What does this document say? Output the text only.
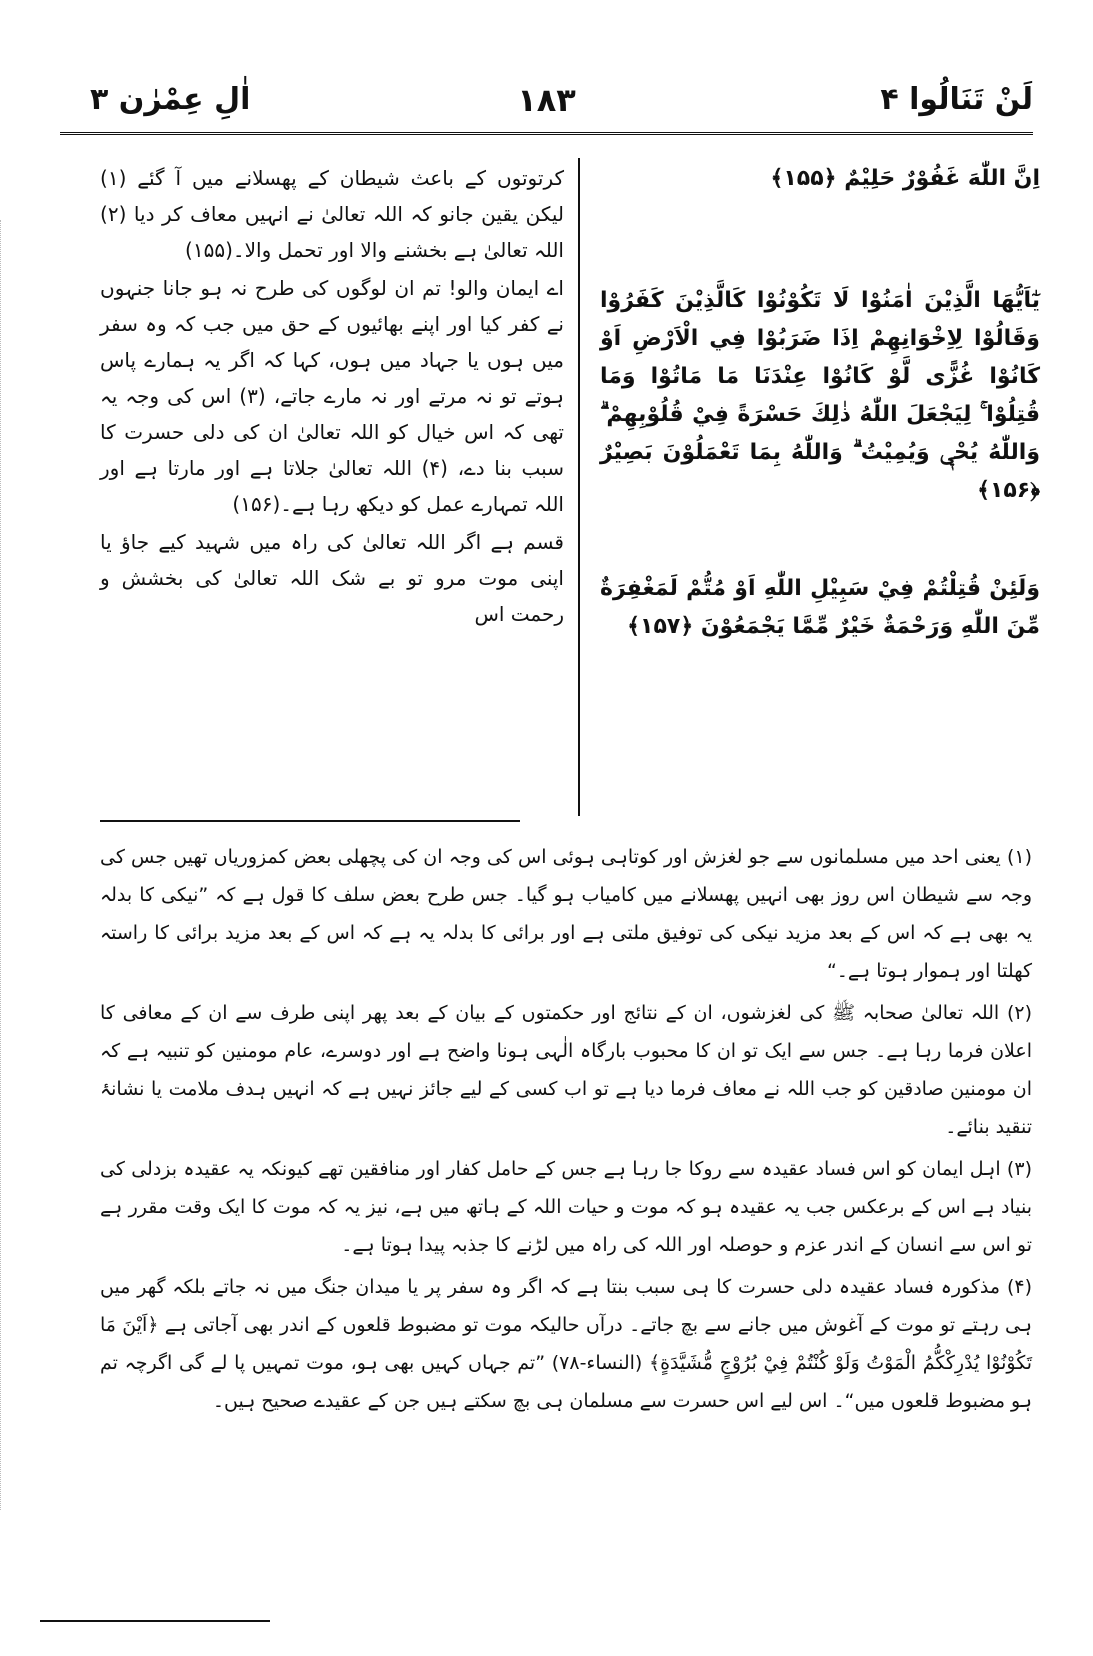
لَنْ تَنَالُوا ۴
۱۸۳
اٰلِ عِمْرٰن ۳

اِنَّ اللّٰهَ غَفُوْرٌ حَلِيْمٌ ﴿۱۵۵﴾

يٰٓاَيُّهَا الَّذِيْنَ اٰمَنُوْا لَا تَكُوْنُوْا كَالَّذِيْنَ كَفَرُوْا وَقَالُوْا لِاِخْوَانِهِمْ اِذَا ضَرَبُوْا فِي الْاَرْضِ اَوْ كَانُوْا غُزًّى لَّوْ كَانُوْا عِنْدَنَا مَا مَاتُوْا وَمَا قُتِلُوْا ۚ لِيَجْعَلَ اللّٰهُ ذٰلِكَ حَسْرَةً فِيْ قُلُوْبِهِمْ ۗ وَاللّٰهُ يُحْيٖ وَيُمِيْتُ ۗ وَاللّٰهُ بِمَا تَعْمَلُوْنَ بَصِيْرٌ ﴿۱۵۶﴾

وَلَئِنْ قُتِلْتُمْ فِيْ سَبِيْلِ اللّٰهِ اَوْ مُتُّمْ لَمَغْفِرَةٌ مِّنَ اللّٰهِ وَرَحْمَةٌ خَيْرٌ مِّمَّا يَجْمَعُوْنَ ﴿۱۵۷﴾

کرتوتوں کے باعث شیطان کے پھسلانے میں آ گئے (۱) لیکن یقین جانو کہ اللہ تعالیٰ نے انہیں معاف کر دیا (۲) اللہ تعالیٰ ہے بخشنے والا اور تحمل والا۔(۱۵۵)

اے ایمان والو! تم ان لوگوں کی طرح نہ ہو جانا جنہوں نے کفر کیا اور اپنے بھائیوں کے حق میں جب کہ وہ سفر میں ہوں یا جہاد میں ہوں، کہا کہ اگر یہ ہمارے پاس ہوتے تو نہ مرتے اور نہ مارے جاتے، (۳) اس کی وجہ یہ تھی کہ اس خیال کو اللہ تعالیٰ ان کی دلی حسرت کا سبب بنا دے، (۴) اللہ تعالیٰ جلاتا ہے اور مارتا ہے اور اللہ تمہارے عمل کو دیکھ رہا ہے۔(۱۵۶)

قسم ہے اگر اللہ تعالیٰ کی راہ میں شہید کیے جاؤ یا اپنی موت مرو تو بے شک اللہ تعالیٰ کی بخشش و رحمت اس

(۱) یعنی احد میں مسلمانوں سے جو لغزش اور کوتاہی ہوئی اس کی وجہ ان کی پچھلی بعض کمزوریاں تھیں جس کی وجہ سے شیطان اس روز بھی انہیں پھسلانے میں کامیاب ہو گیا۔ جس طرح بعض سلف کا قول ہے کہ ”نیکی کا بدلہ یہ بھی ہے کہ اس کے بعد مزید نیکی کی توفیق ملتی ہے اور برائی کا بدلہ یہ ہے کہ اس کے بعد مزید برائی کا راستہ کھلتا اور ہموار ہوتا ہے۔“

(۲) اللہ تعالیٰ صحابہ ﷺ کی لغزشوں، ان کے نتائج اور حکمتوں کے بیان کے بعد پھر اپنی طرف سے ان کے معافی کا اعلان فرما رہا ہے۔ جس سے ایک تو ان کا محبوب بارگاہ الٰہی ہونا واضح ہے اور دوسرے، عام مومنین کو تنبیہ ہے کہ ان مومنین صادقین کو جب اللہ نے معاف فرما دیا ہے تو اب کسی کے لیے جائز نہیں ہے کہ انہیں ہدف ملامت یا نشانۂ تنقید بنائے۔

(۳) اہل ایمان کو اس فساد عقیدہ سے روکا جا رہا ہے جس کے حامل کفار اور منافقین تھے کیونکہ یہ عقیدہ بزدلی کی بنیاد ہے اس کے برعکس جب یہ عقیدہ ہو کہ موت و حیات اللہ کے ہاتھ میں ہے، نیز یہ کہ موت کا ایک وقت مقرر ہے تو اس سے انسان کے اندر عزم و حوصلہ اور اللہ کی راہ میں لڑنے کا جذبہ پیدا ہوتا ہے۔

(۴) مذکورہ فساد عقیدہ دلی حسرت کا ہی سبب بنتا ہے کہ اگر وہ سفر پر یا میدان جنگ میں نہ جاتے بلکہ گھر میں ہی رہتے تو موت کے آغوش میں جانے سے بچ جاتے۔ درآں حالیکہ موت تو مضبوط قلعوں کے اندر بھی آجاتی ہے ﴿اَيْنَ مَا تَكُوْنُوْا يُدْرِكْكُّمُ الْمَوْتُ وَلَوْ كُنْتُمْ فِيْ بُرُوْجٍ مُّشَيَّدَةٍ﴾ (النساء-۷۸) ”تم جہاں کہیں بھی ہو، موت تمہیں پا لے گی اگرچہ تم ہو مضبوط قلعوں میں“۔ اس لیے اس حسرت سے مسلمان ہی بچ سکتے ہیں جن کے عقیدے صحیح ہیں۔
